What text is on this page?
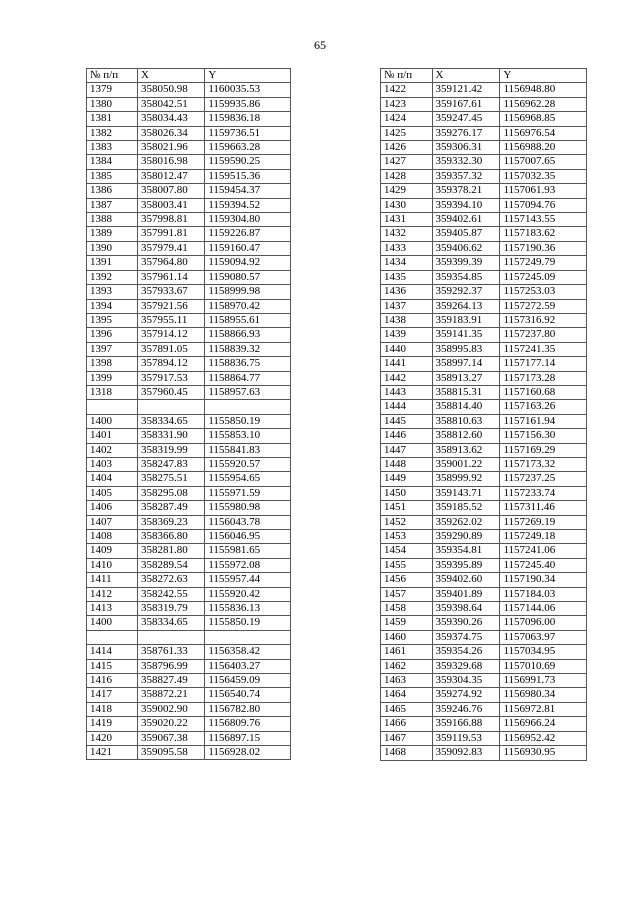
65
№ п/п	X	Y
1379	358050.98	1160035.53
1380	358042.51	1159935.86
1381	358034.43	1159836.18
1382	358026.34	1159736.51
1383	358021.96	1159663.28
1384	358016.98	1159590.25
1385	358012.47	1159515.36
1386	358007.80	1159454.37
1387	358003.41	1159394.52
1388	357998.81	1159304.80
1389	357991.81	1159226.87
1390	357979.41	1159160.47
1391	357964.80	1159094.92
1392	357961.14	1159080.57
1393	357933.67	1158999.98
1394	357921.56	1158970.42
1395	357955.11	1158955.61
1396	357914.12	1158866.93
1397	357891.05	1158839.32
1398	357894.12	1158836.75
1399	357917.53	1158864.77
1318	357960.45	1158957.63

1400	358334.65	1155850.19
1401	358331.90	1155853.10
1402	358319.99	1155841.83
1403	358247.83	1155920.57
1404	358275.51	1155954.65
1405	358295.08	1155971.59
1406	358287.49	1155980.98
1407	358369.23	1156043.78
1408	358366.80	1156046.95
1409	358281.80	1155981.65
1410	358289.54	1155972.08
1411	358272.63	1155957.44
1412	358242.55	1155920.42
1413	358319.79	1155836.13
1400	358334.65	1155850.19

1414	358761.33	1156358.42
1415	358796.99	1156403.27
1416	358827.49	1156459.09
1417	358872.21	1156540.74
1418	359002.90	1156782.80
1419	359020.22	1156809.76
1420	359067.38	1156897.15
1421	359095.58	1156928.02
№ п/п	X	Y
1422	359121.42	1156948.80
1423	359167.61	1156962.28
1424	359247.45	1156968.85
1425	359276.17	1156976.54
1426	359306.31	1156988.20
1427	359332.30	1157007.65
1428	359357.32	1157032.35
1429	359378.21	1157061.93
1430	359394.10	1157094.76
1431	359402.61	1157143.55
1432	359405.87	1157183.62
1433	359406.62	1157190.36
1434	359399.39	1157249.79
1435	359354.85	1157245.09
1436	359292.37	1157253.03
1437	359264.13	1157272.59
1438	359183.91	1157316.92
1439	359141.35	1157237.80
1440	358995.83	1157241.35
1441	358997.14	1157177.14
1442	358913.27	1157173.28
1443	358815.31	1157160.68
1444	358814.40	1157163.26
1445	358810.63	1157161.94
1446	358812.60	1157156.30
1447	358913.62	1157169.29
1448	359001.22	1157173.32
1449	358999.92	1157237.25
1450	359143.71	1157233.74
1451	359185.52	1157311.46
1452	359262.02	1157269.19
1453	359290.89	1157249.18
1454	359354.81	1157241.06
1455	359395.89	1157245.40
1456	359402.60	1157190.34
1457	359401.89	1157184.03
1458	359398.64	1157144.06
1459	359390.26	1157096.00
1460	359374.75	1157063.97
1461	359354.26	1157034.95
1462	359329.68	1157010.69
1463	359304.35	1156991.73
1464	359274.92	1156980.34
1465	359246.76	1156972.81
1466	359166.88	1156966.24
1467	359119.53	1156952.42
1468	359092.83	1156930.95
